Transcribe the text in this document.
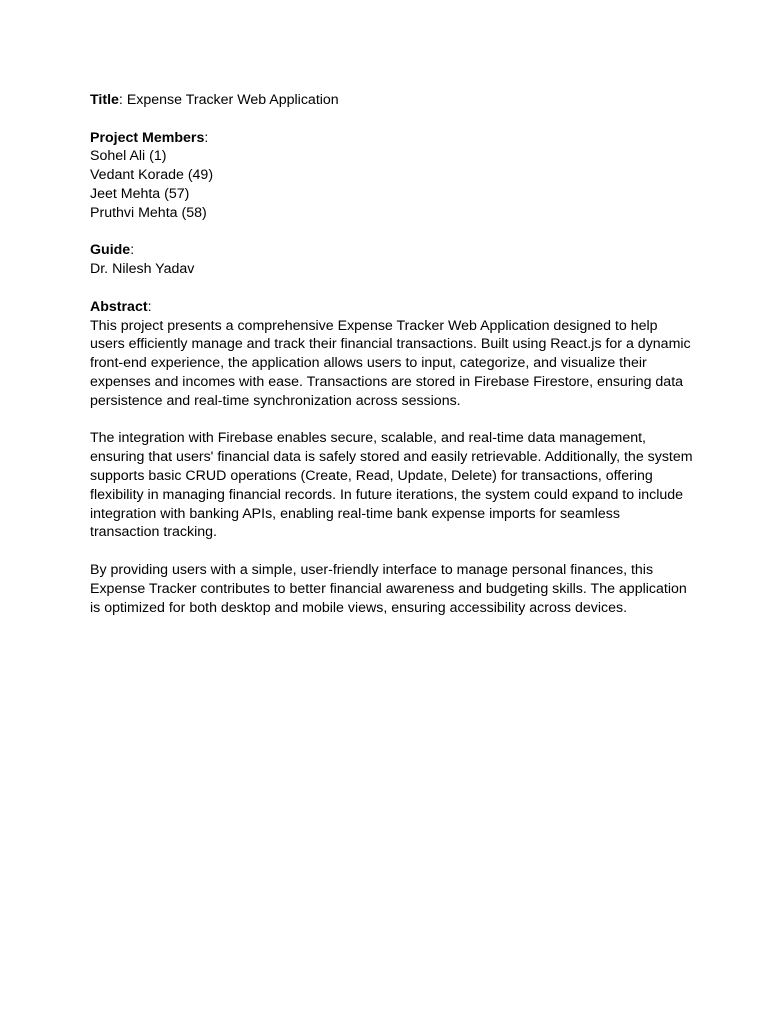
Title: Expense Tracker Web Application
Project Members:
Sohel Ali (1)
Vedant Korade (49)
Jeet Mehta (57)
Pruthvi Mehta (58)
Guide:
Dr. Nilesh Yadav
Abstract:
This project presents a comprehensive Expense Tracker Web Application designed to help
users efficiently manage and track their financial transactions. Built using React.js for a dynamic
front-end experience, the application allows users to input, categorize, and visualize their
expenses and incomes with ease. Transactions are stored in Firebase Firestore, ensuring data
persistence and real-time synchronization across sessions.
The integration with Firebase enables secure, scalable, and real-time data management,
ensuring that users' financial data is safely stored and easily retrievable. Additionally, the system
supports basic CRUD operations (Create, Read, Update, Delete) for transactions, offering
flexibility in managing financial records. In future iterations, the system could expand to include
integration with banking APIs, enabling real-time bank expense imports for seamless
transaction tracking.
By providing users with a simple, user-friendly interface to manage personal finances, this
Expense Tracker contributes to better financial awareness and budgeting skills. The application
is optimized for both desktop and mobile views, ensuring accessibility across devices.
